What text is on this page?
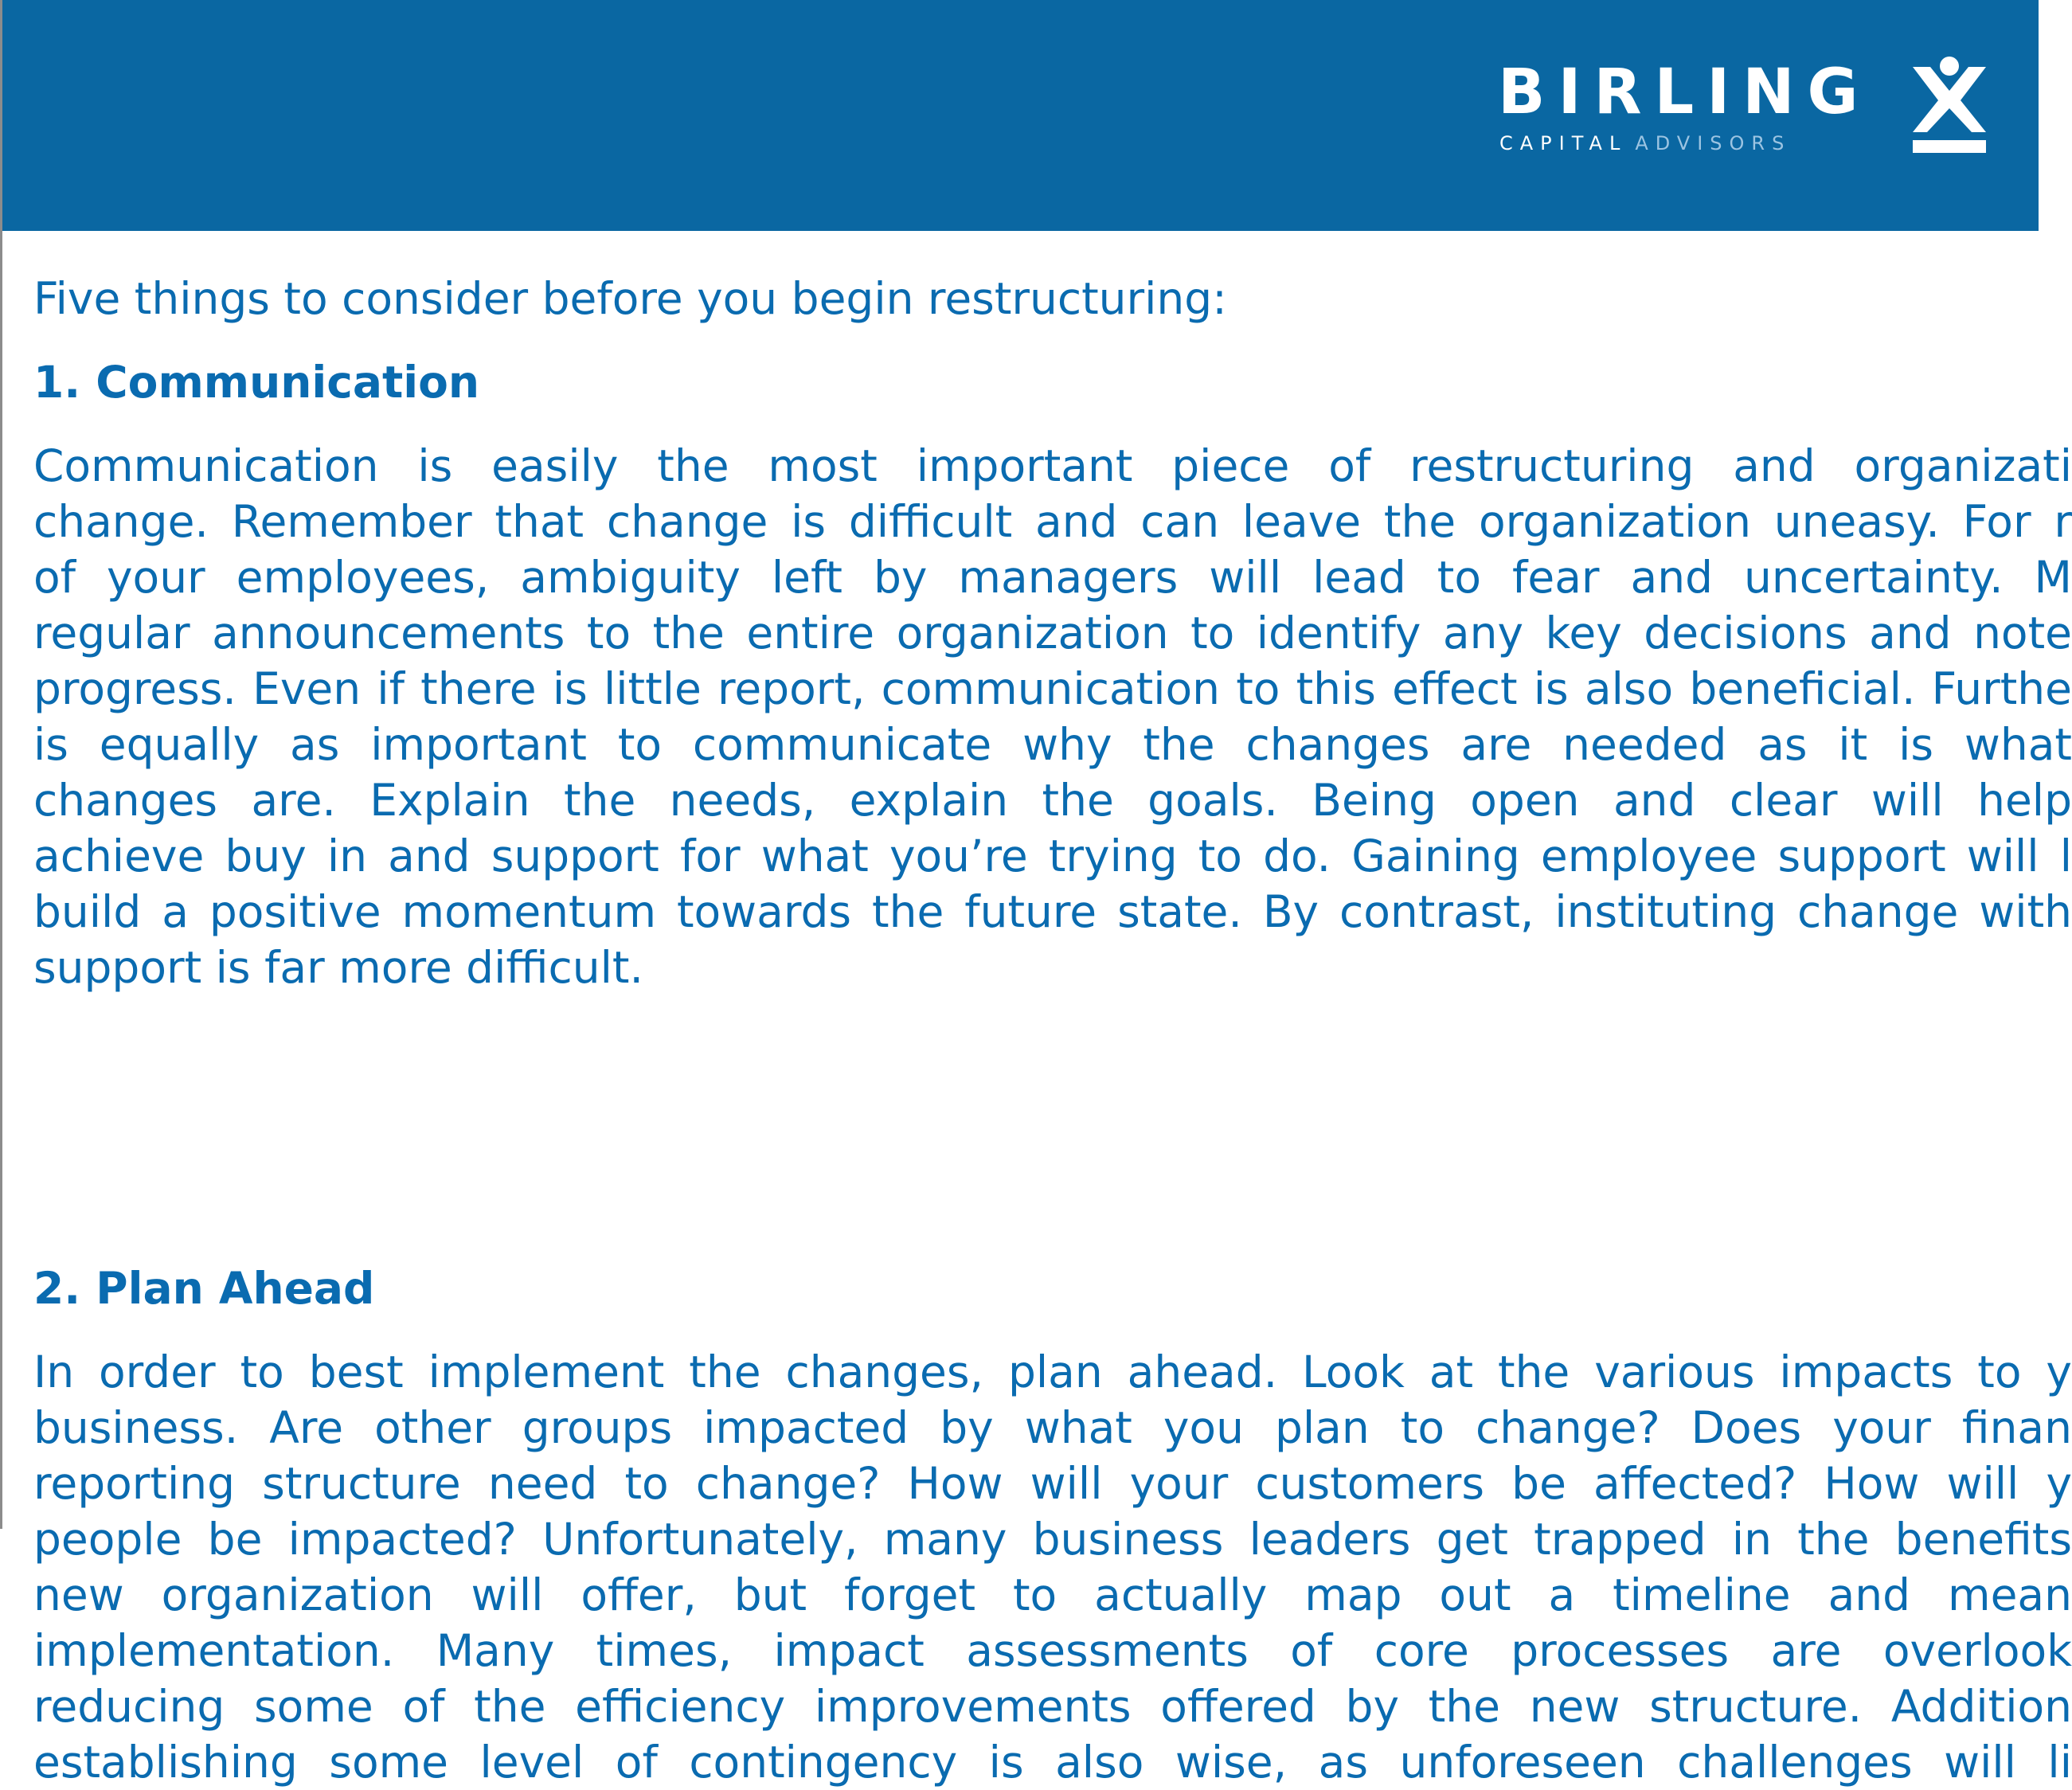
BIRLING
CAPITAL ADVISORS

Five things to consider before you begin restructuring:

1. Communication
Communication is easily the most important piece of restructuring and organizati
change. Remember that change is difficult and can leave the organization uneasy. For r
of your employees, ambiguity left by managers will lead to fear and uncertainty. M
regular announcements to the entire organization to identify any key decisions and note
progress. Even if there is little report, communication to this effect is also beneficial. Furthe
is equally as important to communicate why the changes are needed as it is what
changes are. Explain the needs, explain the goals. Being open and clear will help
achieve buy in and support for what you’re trying to do. Gaining employee support will l
build a positive momentum towards the future state. By contrast, instituting change with
support is far more difficult.
2. Plan Ahead
In order to best implement the changes, plan ahead. Look at the various impacts to y
business. Are other groups impacted by what you plan to change? Does your finan
reporting structure need to change? How will your customers be affected? How will y
people be impacted? Unfortunately, many business leaders get trapped in the benefits
new organization will offer, but forget to actually map out a timeline and mean
implementation. Many times, impact assessments of core processes are overlook
reducing some of the efficiency improvements offered by the new structure. Addition
establishing some level of contingency is also wise, as unforeseen challenges will li
